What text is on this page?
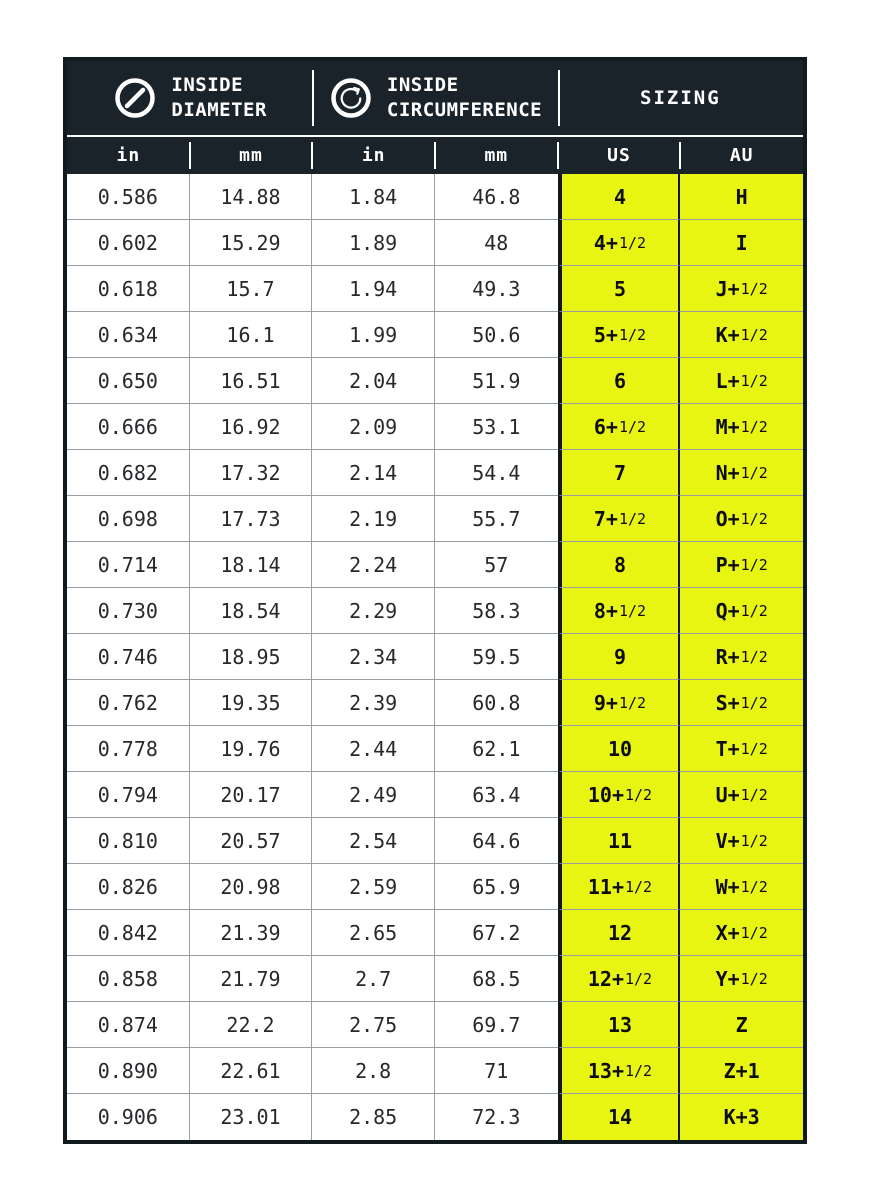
INSIDE DIAMETER
INSIDE CIRCUMFERENCE
SIZING
in	mm	in	mm	US	AU
0.586	14.88	1.84	46.8	4	H
0.602	15.29	1.89	48	4+ 1/2	I
0.618	15.7	1.94	49.3	5	J+ 1/2
0.634	16.1	1.99	50.6	5+ 1/2	K+ 1/2
0.650	16.51	2.04	51.9	6	L+ 1/2
0.666	16.92	2.09	53.1	6+ 1/2	M+ 1/2
0.682	17.32	2.14	54.4	7	N+ 1/2
0.698	17.73	2.19	55.7	7+ 1/2	O+ 1/2
0.714	18.14	2.24	57	8	P+ 1/2
0.730	18.54	2.29	58.3	8+ 1/2	Q+ 1/2
0.746	18.95	2.34	59.5	9	R+ 1/2
0.762	19.35	2.39	60.8	9+ 1/2	S+ 1/2
0.778	19.76	2.44	62.1	10	T+ 1/2
0.794	20.17	2.49	63.4	10+ 1/2	U+ 1/2
0.810	20.57	2.54	64.6	11	V+ 1/2
0.826	20.98	2.59	65.9	11+ 1/2	W+ 1/2
0.842	21.39	2.65	67.2	12	X+ 1/2
0.858	21.79	2.7	68.5	12+ 1/2	Y+ 1/2
0.874	22.2	2.75	69.7	13	Z
0.890	22.61	2.8	71	13+ 1/2	Z+1
0.906	23.01	2.85	72.3	14	K+3
